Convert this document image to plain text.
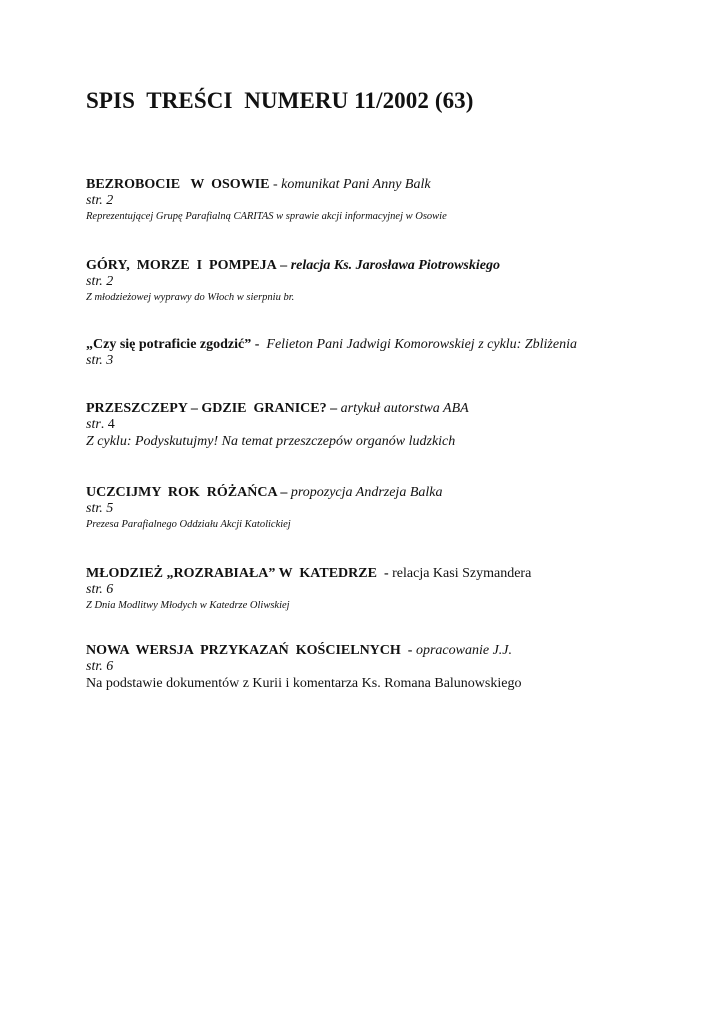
SPIS  TREŚCI  NUMERU 11/2002 (63)
BEZROBOCIE   W  OSOWIE - komunikat Pani Anny Balk
str. 2
Reprezentującej Grupę Parafialną CARITAS w sprawie akcji informacyjnej w Osowie
GÓRY,  MORZE  I  POMPEJA – relacja Ks. Jarosława Piotrowskiego
str. 2
Z młodzieżowej wyprawy do Włoch w sierpniu br.
„Czy się potraficie zgodzić” -  Felieton Pani Jadwigi Komorowskiej z cyklu: Zbliżenia
str. 3
PRZESZCZEPY – GDZIE  GRANICE? – artykuł autorstwa ABA
str. 4
Z cyklu: Podyskutujmy! Na temat przeszczepów organów ludzkich
UCZCIJMY  ROK  RÓŻAŃCA – propozycja Andrzeja Balka
str. 5
Prezesa Parafialnego Oddziału Akcji Katolickiej
MŁODZIEŻ „ROZRABIAŁA” W  KATEDRZE  - relacja Kasi Szymandera
str. 6
Z Dnia Modlitwy Młodych w Katedrze Oliwskiej
NOWA  WERSJA  PRZYKAZAŃ  KOŚCIELNYCH  - opracowanie J.J.
str. 6
Na podstawie dokumentów z Kurii i komentarza Ks. Romana Balunowskiego
